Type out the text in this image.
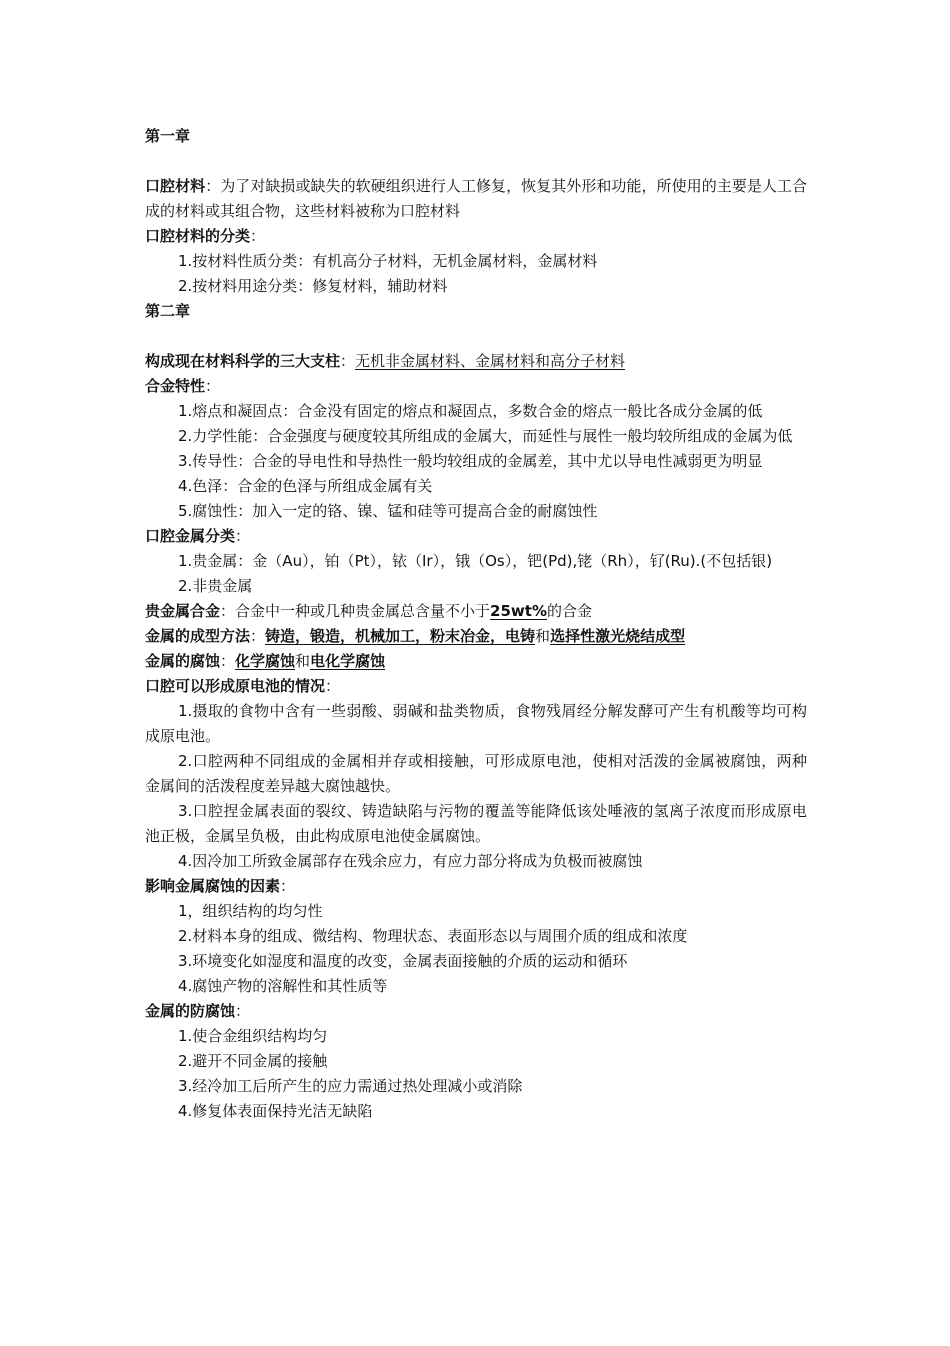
第一章

口腔材料：为了对缺损或缺失的软硬组织进行人工修复，恢复其外形和功能，所使用的主要是人工合成的材料或其组合物，这些材料被称为口腔材料

口腔材料的分类：

1.按材料性质分类：有机高分子材料，无机金属材料，金属材料

2.按材料用途分类：修复材料，辅助材料

第二章

构成现在材料科学的三大支柱：无机非金属材料、金属材料和高分子材料

合金特性：

1.熔点和凝固点：合金没有固定的熔点和凝固点，多数合金的熔点一般比各成分金属的低

2.力学性能：合金强度与硬度较其所组成的金属大，而延性与展性一般均较所组成的金属为低

3.传导性：合金的导电性和导热性一般均较组成的金属差，其中尤以导电性减弱更为明显

4.色泽：合金的色泽与所组成金属有关

5.腐蚀性：加入一定的铬、镍、锰和硅等可提高合金的耐腐蚀性

口腔金属分类：

1.贵金属：金（Au），铂（Pt），铱（Ir），锇（Os），钯(Pd),铑（Rh），钌(Ru).(不包括银)

2.非贵金属

贵金属合金：合金中一种或几种贵金属总含量不小于25wt%的合金

金属的成型方法：铸造，锻造，机械加工，粉末冶金，电铸和选择性激光烧结成型

金属的腐蚀：化学腐蚀和电化学腐蚀

口腔可以形成原电池的情况：

1.摄取的食物中含有一些弱酸、弱碱和盐类物质，食物残屑经分解发酵可产生有机酸等均可构成原电池。

2.口腔两种不同组成的金属相并存或相接触，可形成原电池，使相对活泼的金属被腐蚀，两种金属间的活泼程度差异越大腐蚀越快。

3.口腔捏金属表面的裂纹、铸造缺陷与污物的覆盖等能降低该处唾液的氢离子浓度而形成原电池正极，金属呈负极，由此构成原电池使金属腐蚀。

4.因冷加工所致金属部存在残余应力，有应力部分将成为负极而被腐蚀

影响金属腐蚀的因素：

1，组织结构的均匀性

2.材料本身的组成、微结构、物理状态、表面形态以与周围介质的组成和浓度

3.环境变化如湿度和温度的改变，金属表面接触的介质的运动和循环

4.腐蚀产物的溶解性和其性质等

金属的防腐蚀：

1.使合金组织结构均匀

2.避开不同金属的接触

3.经冷加工后所产生的应力需通过热处理减小或消除

4.修复体表面保持光洁无缺陷
